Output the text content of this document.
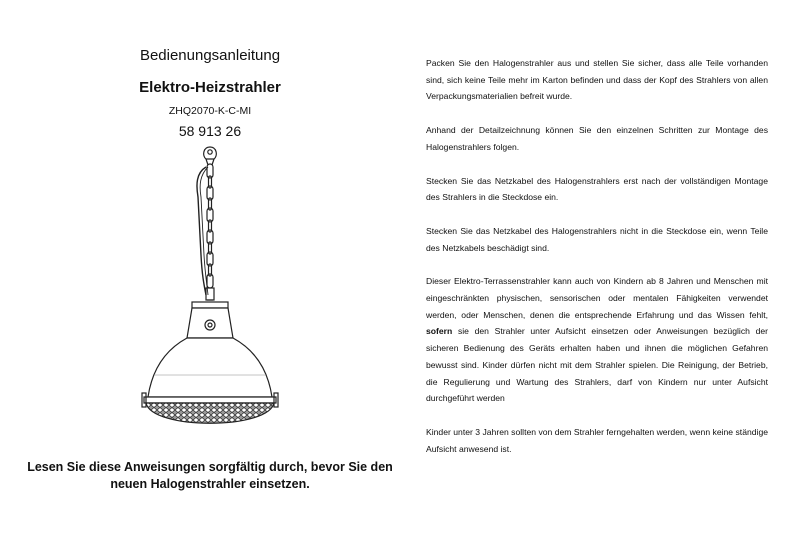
Bedienungsanleitung
Elektro-Heizstrahler
ZHQ2070-K-C-MI
58 913 26
Lesen Sie diese Anweisungen sorgfältig durch, bevor Sie den
neuen Halogenstrahler einsetzen.

Packen Sie den Halogenstrahler aus und stellen Sie sicher, dass alle Teile vorhanden sind, sich keine Teile mehr im Karton befinden und dass der Kopf des Strahlers von allen Verpackungsmaterialien befreit wurde.

Anhand der Detailzeichnung können Sie den einzelnen Schritten zur Montage des Halogenstrahlers folgen.

Stecken Sie das Netzkabel des Halogenstrahlers erst nach der vollständigen Montage des Strahlers in die Steckdose ein.

Stecken Sie das Netzkabel des Halogenstrahlers nicht in die Steckdose ein, wenn Teile des Netzkabels beschädigt sind.

Dieser Elektro-Terrassenstrahler kann auch von Kindern ab 8 Jahren und Menschen mit eingeschränkten physischen, sensorischen oder mentalen Fähigkeiten verwendet werden, oder Menschen, denen die entsprechende Erfahrung und das Wissen fehlt, sofern sie den Strahler unter Aufsicht einsetzen oder Anweisungen bezüglich der sicheren Bedienung des Geräts erhalten haben und ihnen die möglichen Gefahren bewusst sind. Kinder dürfen nicht mit dem Strahler spielen. Die Reinigung, der Betrieb, die Regulierung und Wartung des Strahlers, darf von Kindern nur unter Aufsicht durchgeführt werden

Kinder unter 3 Jahren sollten von dem Strahler ferngehalten werden, wenn keine ständige Aufsicht anwesend ist.
